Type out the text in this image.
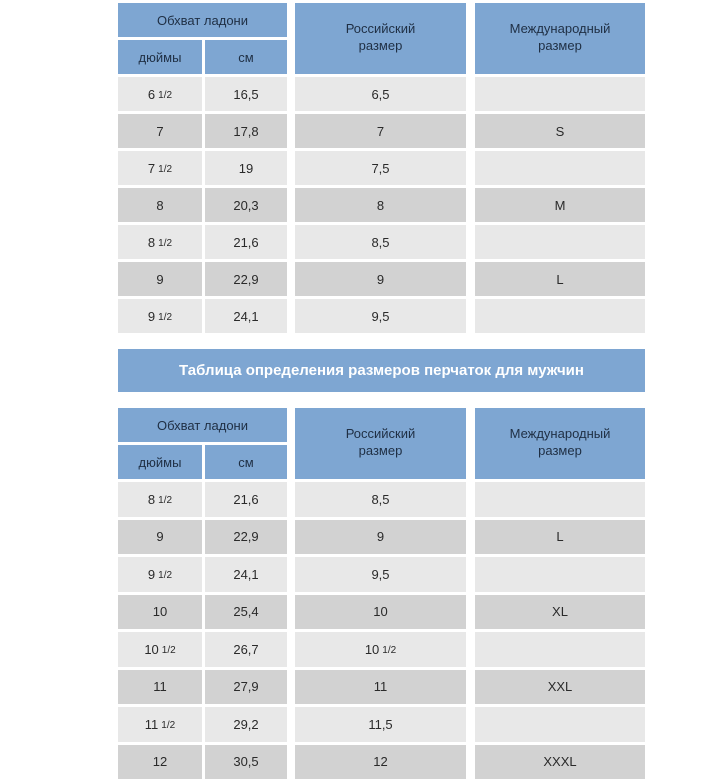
Обхват ладони
дюймы	см
Российский
размер
Международный
размер
6 1/2	16,5	6,5
7	17,8	7	S
7 1/2	19	7,5
8	20,3	8	M
8 1/2	21,6	8,5
9	22,9	9	L
9 1/2	24,1	9,5
Таблица определения размеров перчаток для мужчин
Обхват ладони
дюймы	см
Российский
размер
Международный
размер
8 1/2	21,6	8,5
9	22,9	9	L
9 1/2	24,1	9,5
10	25,4	10	XL
10 1/2	26,7	10 1/2
11	27,9	11	XXL
11 1/2	29,2	11,5
12	30,5	12	XXXL
